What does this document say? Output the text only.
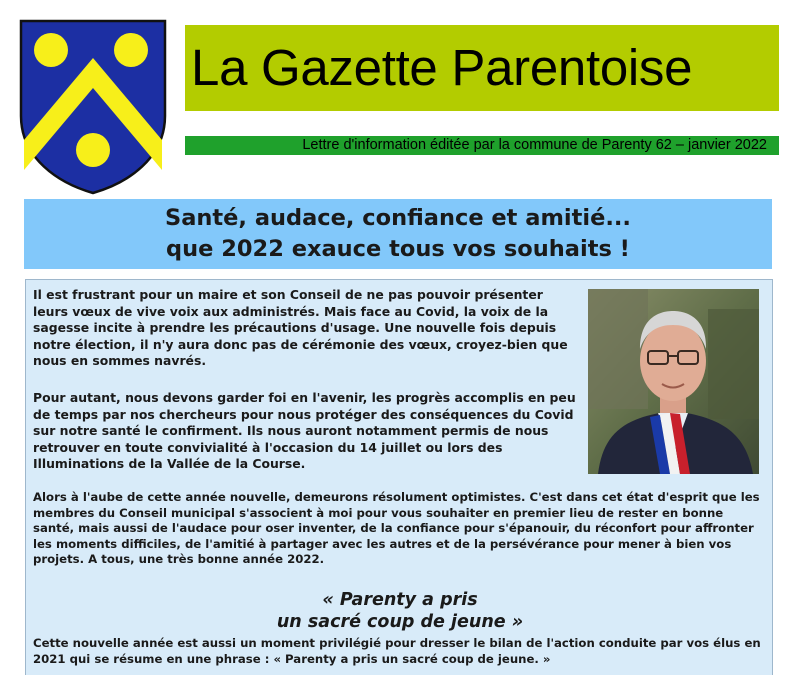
La Gazette Parentoise
Lettre d'information éditée par la commune de Parenty 62 – janvier 2022
Santé, audace, confiance et amitié...
que 2022 exauce tous vos souhaits !

Il est frustrant pour un maire et son Conseil de ne pas pouvoir présenter leurs vœux de vive voix aux administrés. Mais face au Covid, la voix de la sagesse incite à prendre les précautions d'usage. Une nouvelle fois depuis notre élection, il n'y aura donc pas de cérémonie des vœux, croyez-bien que nous en sommes navrés.

Pour autant, nous devons garder foi en l'avenir, les progrès accomplis en peu de temps par nos chercheurs pour nous protéger des conséquences du Covid sur notre santé le confirment. Ils nous auront notamment permis de nous retrouver en toute convivialité à l'occasion du 14 juillet ou lors des Illuminations de la Vallée de la Course.

Alors à l'aube de cette année nouvelle, demeurons résolument optimistes. C'est dans cet état d'esprit que les membres du Conseil municipal s'associent à moi pour vous souhaiter en premier lieu de rester en bonne santé, mais aussi de l'audace pour oser inventer, de la confiance pour s'épanouir, du réconfort pour affronter les moments difficiles, de l'amitié à partager avec les autres et de la persévérance pour mener à bien vos projets. A tous, une très bonne année 2022.

« Parenty a pris
un sacré coup de jeune »

Cette nouvelle année est aussi un moment privilégié pour dresser le bilan de l'action conduite par vos élus en 2021 qui se résume en une phrase : « Parenty a pris un sacré coup de jeune. »
